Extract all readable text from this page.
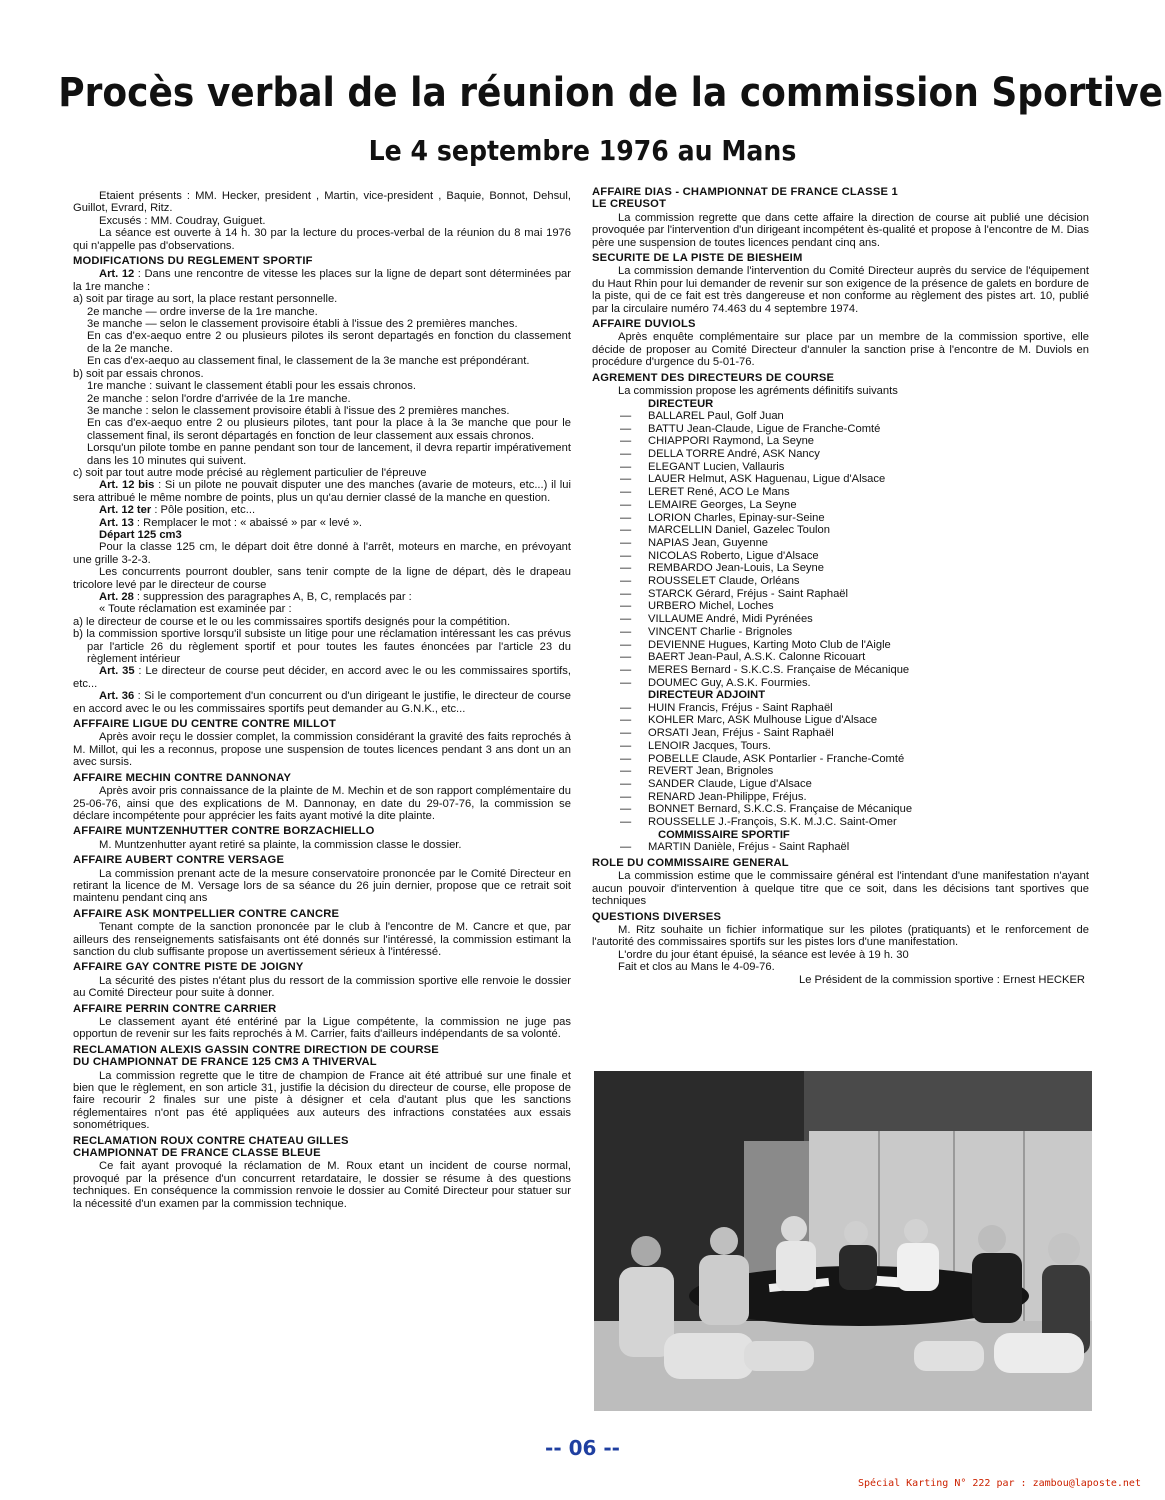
Procès verbal de la réunion de la commission Sportive
Le 4 septembre 1976 au Mans

Etaient présents : MM. Hecker, president , Martin, vice-president , Baquie, Bonnot, Dehsul, Guillot, Evrard, Ritz.

Excusés : MM. Coudray, Guiguet.

La séance est ouverte à 14 h. 30 par la lecture du proces-verbal de la réunion du 8 mai 1976 qui n'appelle pas d'observations.

MODIFICATIONS DU REGLEMENT SPORTIF

Art. 12 : Dans une rencontre de vitesse les places sur la ligne de depart sont déterminées par la 1re manche :

a) soit par tirage au sort, la place restant personnelle.

2e manche — ordre inverse de la 1re manche.

3e manche — selon le classement provisoire établi à l'issue des 2 premières manches.

En cas d'ex-aequo entre 2 ou plusieurs pilotes ils seront departagés en fonction du classement de la 2e manche.

En cas d'ex-aequo au classement final, le classement de la 3e manche est prépondérant.

b) soit par essais chronos.

1re manche : suivant le classement établi pour les essais chronos.

2e manche : selon l'ordre d'arrivée de la 1re manche.

3e manche : selon le classement provisoire établi à l'issue des 2 premières manches.

En cas d'ex-aequo entre 2 ou plusieurs pilotes, tant pour la place à la 3e manche que pour le classement final, ils seront départagés en fonction de leur classement aux essais chronos.

Lorsqu'un pilote tombe en panne pendant son tour de lancement, il devra repartir impérativement dans les 10 minutes qui suivent.

c) soit par tout autre mode précisé au règlement particulier de l'épreuve

Art. 12 bis : Si un pilote ne pouvait disputer une des manches (avarie de moteurs, etc...) il lui sera attribué le même nombre de points, plus un qu'au dernier classé de la manche en question.

Art. 12 ter : Pôle position, etc...

Art. 13 : Remplacer le mot : « abaissé » par « levé ».

Départ 125 cm3

Pour la classe 125 cm, le départ doit être donné à l'arrêt, moteurs en marche, en prévoyant une grille 3-2-3.

Les concurrents pourront doubler, sans tenir compte de la ligne de départ, dès le drapeau tricolore levé par le directeur de course

Art. 28 : suppression des paragraphes A, B, C, remplacés par :

« Toute réclamation est examinée par :

a) le directeur de course et le ou les commissaires sportifs designés pour la compétition.

b) la commission sportive lorsqu'il subsiste un litige pour une réclamation intéressant les cas prévus par l'article 26 du règlement sportif et pour toutes les fautes énoncées par l'article 23 du règlement intérieur

Art. 35 : Le directeur de course peut décider, en accord avec le ou les commissaires sportifs, etc...

Art. 36 : Si le comportement d'un concurrent ou d'un dirigeant le justifie, le directeur de course en accord avec le ou les commissaires sportifs peut demander au G.N.K., etc...

AFFFAIRE LIGUE DU CENTRE CONTRE MILLOT

Après avoir reçu le dossier complet, la commission considérant la gravité des faits reprochés à M. Millot, qui les a reconnus, propose une suspension de toutes licences pendant 3 ans dont un an avec sursis.

AFFAIRE MECHIN CONTRE DANNONAY

Après avoir pris connaissance de la plainte de M. Mechin et de son rapport complémentaire du 25-06-76, ainsi que des explications de M. Dannonay, en date du 29-07-76, la commission se déclare incompétente pour apprécier les faits ayant motivé la dite plainte.

AFFAIRE MUNTZENHUTTER CONTRE BORZACHIELLO

M. Muntzenhutter ayant retiré sa plainte, la commission classe le dossier.

AFFAIRE AUBERT CONTRE VERSAGE

La commission prenant acte de la mesure conservatoire prononcée par le Comité Directeur en retirant la licence de M. Versage lors de sa séance du 26 juin dernier, propose que ce retrait soit maintenu pendant cinq ans

AFFAIRE ASK MONTPELLIER CONTRE CANCRE

Tenant compte de la sanction prononcée par le club à l'encontre de M. Cancre et que, par ailleurs des renseignements satisfaisants ont été donnés sur l'intéressé, la commission estimant la sanction du club suffisante propose un avertissement sérieux à l'intéressé.

AFFAIRE GAY CONTRE PISTE DE JOIGNY

La sécurité des pistes n'étant plus du ressort de la commission sportive elle renvoie le dossier au Comité Directeur pour suite à donner.

AFFAIRE PERRIN CONTRE CARRIER

Le classement ayant été entériné par la Ligue compétente, la commission ne juge pas opportun de revenir sur les faits reprochés à M. Carrier, faits d'ailleurs indépendants de sa volonté.

RECLAMATION ALEXIS GASSIN CONTRE DIRECTION DE COURSE
DU CHAMPIONNAT DE FRANCE 125 CM3 A THIVERVAL

La commission regrette que le titre de champion de France ait été attribué sur une finale et bien que le règlement, en son article 31, justifie la décision du directeur de course, elle propose de faire recourir 2 finales sur une piste à désigner et cela d'autant plus que les sanctions réglementaires n'ont pas été appliquées aux auteurs des infractions constatées aux essais sonométriques.

RECLAMATION ROUX CONTRE CHATEAU GILLES
CHAMPIONNAT DE FRANCE CLASSE BLEUE

Ce fait ayant provoqué la réclamation de M. Roux etant un incident de course normal, provoqué par la présence d'un concurrent retardataire, le dossier se résume à des questions techniques. En conséquence la commission renvoie le dossier au Comité Directeur pour statuer sur la nécessité d'un examen par la commission technique.

AFFAIRE DIAS - CHAMPIONNAT DE FRANCE CLASSE 1
LE CREUSOT

La commission regrette que dans cette affaire la direction de course ait publié une décision provoquée par l'intervention d'un dirigeant incompétent ès-qualité et propose à l'encontre de M. Dias père une suspension de toutes licences pendant cinq ans.

SECURITE DE LA PISTE DE BIESHEIM

La commission demande l'intervention du Comité Directeur auprès du service de l'équipement du Haut Rhin pour lui demander de revenir sur son exigence de la présence de galets en bordure de la piste, qui de ce fait est très dangereuse et non conforme au règlement des pistes art. 10, publié par la circulaire numéro 74.463 du 4 septembre 1974.

AFFAIRE DUVIOLS

Après enquête complémentaire sur place par un membre de la commission sportive, elle décide de proposer au Comité Directeur d'annuler la sanction prise à l'encontre de M. Duviols en procédure d'urgence du 5-01-76.

AGREMENT DES DIRECTEURS DE COURSE

La commission propose les agréments définitifs suivants

DIRECTEUR

— BALLAREL Paul, Golf Juan
— BATTU Jean-Claude, Ligue de Franche-Comté
— CHIAPPORI Raymond, La Seyne
— DELLA TORRE André, ASK Nancy
— ELEGANT Lucien, Vallauris
— LAUER Helmut, ASK Haguenau, Ligue d'Alsace
— LERET René, ACO Le Mans
— LEMAIRE Georges, La Seyne
— LORION Charles, Epinay-sur-Seine
— MARCELLIN Daniel, Gazelec Toulon
— NAPIAS Jean, Guyenne
— NICOLAS Roberto, Ligue d'Alsace
— REMBARDO Jean-Louis, La Seyne
— ROUSSELET Claude, Orléans
— STARCK Gérard, Fréjus - Saint Raphaël
— URBERO Michel, Loches
— VILLAUME André, Midi Pyrénées
— VINCENT Charlie - Brignoles
— DEVIENNE Hugues, Karting Moto Club de l'Aigle
— BAERT Jean-Paul, A.S.K. Calonne Ricouart
— MERES Bernard - S.K.C.S. Française de Mécanique
— DOUMEC Guy, A.S.K. Fourmies.

DIRECTEUR ADJOINT

— HUIN Francis, Fréjus - Saint Raphaël
— KOHLER Marc, ASK Mulhouse Ligue d'Alsace
— ORSATI Jean, Fréjus - Saint Raphaël
— LENOIR Jacques, Tours.
— POBELLE Claude, ASK Pontarlier - Franche-Comté
— REVERT Jean, Brignoles
— SANDER Claude, Ligue d'Alsace
— RENARD Jean-Philippe, Fréjus.
— BONNET Bernard, S.K.C.S. Française de Mécanique
— ROUSSELLE J.-François, S.K. M.J.C. Saint-Omer

COMMISSAIRE SPORTIF

— MARTIN Danièle, Fréjus - Saint Raphaël
ROLE DU COMMISSAIRE GENERAL

La commission estime que le commissaire général est l'intendant d'une manifestation n'ayant aucun pouvoir d'intervention à quelque titre que ce soit, dans les décisions tant sportives que techniques

QUESTIONS DIVERSES

M. Ritz souhaite un fichier informatique sur les pilotes (pratiquants) et le renforcement de l'autorité des commissaires sportifs sur les pistes lors d'une manifestation.

L'ordre du jour étant épuisé, la séance est levée à 19 h. 30

Fait et clos au Mans le 4-09-76.

Le Président de la commission sportive : Ernest HECKER

-- 06 --
Spécial Karting N° 222 par : zambou@laposte.net
